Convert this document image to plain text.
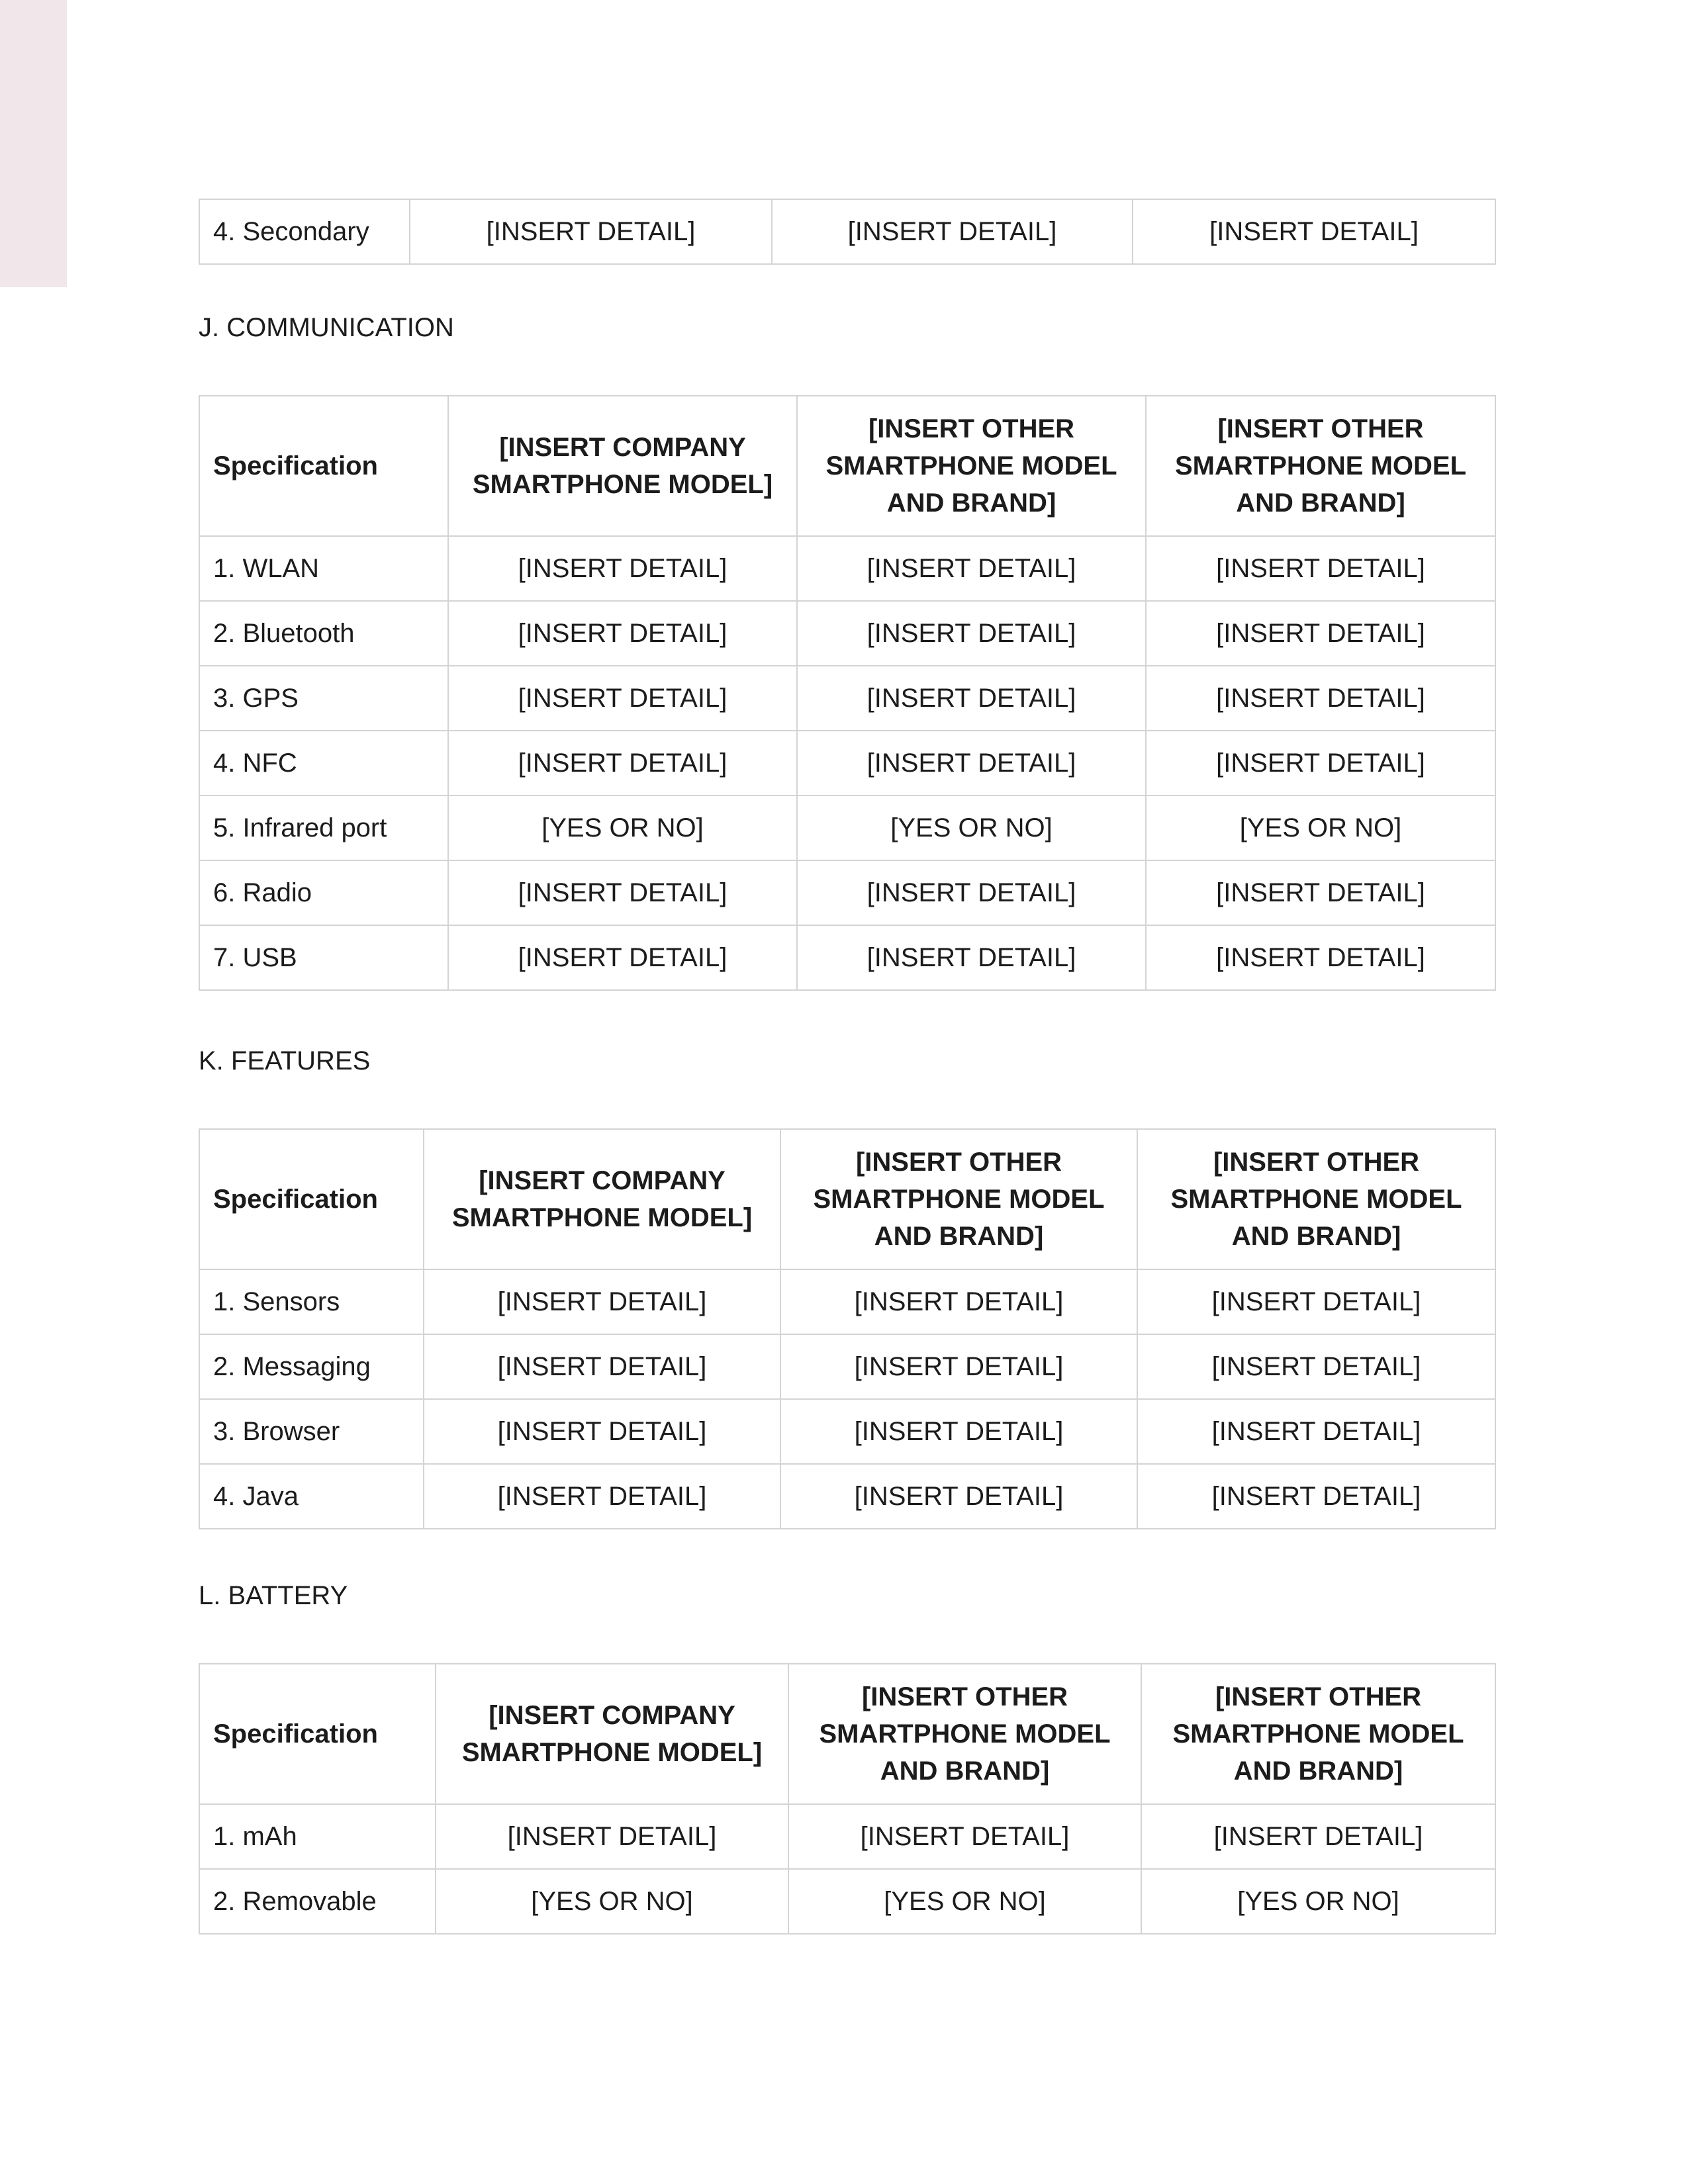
4. Secondary	[INSERT DETAIL]	[INSERT DETAIL]	[INSERT DETAIL]
J. COMMUNICATION
Specification	[INSERT COMPANY SMARTPHONE MODEL]	[INSERT OTHER SMARTPHONE MODEL AND BRAND]	[INSERT OTHER SMARTPHONE MODEL AND BRAND]
1. WLAN	[INSERT DETAIL]	[INSERT DETAIL]	[INSERT DETAIL]
2. Bluetooth	[INSERT DETAIL]	[INSERT DETAIL]	[INSERT DETAIL]
3. GPS	[INSERT DETAIL]	[INSERT DETAIL]	[INSERT DETAIL]
4. NFC	[INSERT DETAIL]	[INSERT DETAIL]	[INSERT DETAIL]
5. Infrared port	[YES OR NO]	[YES OR NO]	[YES OR NO]
6. Radio	[INSERT DETAIL]	[INSERT DETAIL]	[INSERT DETAIL]
7. USB	[INSERT DETAIL]	[INSERT DETAIL]	[INSERT DETAIL]
K. FEATURES
Specification	[INSERT COMPANY SMARTPHONE MODEL]	[INSERT OTHER SMARTPHONE MODEL AND BRAND]	[INSERT OTHER SMARTPHONE MODEL AND BRAND]
1. Sensors	[INSERT DETAIL]	[INSERT DETAIL]	[INSERT DETAIL]
2. Messaging	[INSERT DETAIL]	[INSERT DETAIL]	[INSERT DETAIL]
3. Browser	[INSERT DETAIL]	[INSERT DETAIL]	[INSERT DETAIL]
4. Java	[INSERT DETAIL]	[INSERT DETAIL]	[INSERT DETAIL]
L. BATTERY
Specification	[INSERT COMPANY SMARTPHONE MODEL]	[INSERT OTHER SMARTPHONE MODEL AND BRAND]	[INSERT OTHER SMARTPHONE MODEL AND BRAND]
1. mAh	[INSERT DETAIL]	[INSERT DETAIL]	[INSERT DETAIL]
2. Removable	[YES OR NO]	[YES OR NO]	[YES OR NO]
